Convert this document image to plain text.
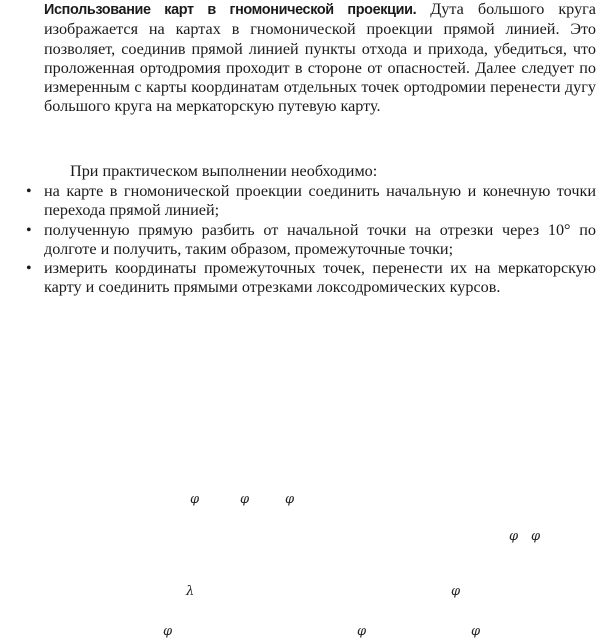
Использование карт в гномонической проекции. Дута большого круга изображается на картах в гномонической проекции прямой линией. Это позволяет, соединив прямой линией пункты отхода и прихода, убедиться, что проложенная ортодромия проходит в стороне от опасностей. Далее следует по измеренным с карты координатам отдельных точек ортодромии перенести дугу большого круга на меркаторскую путевую карту.

При практическом выполнении необходимо:

• на карте в гномонической проекции соединить начальную и конечную точки перехода прямой линией;
• полученную прямую разбить от начальной точки на отрезки через 10° по долготе и получить, таким образом, промежуточные точки;
• измерить координаты промежуточных точек, перенести их на меркаторскую карту и соединить прямыми отрезками локсодромических курсов.
φ	φ	φ
φ φ
λ	φ
φ	φ	φ
